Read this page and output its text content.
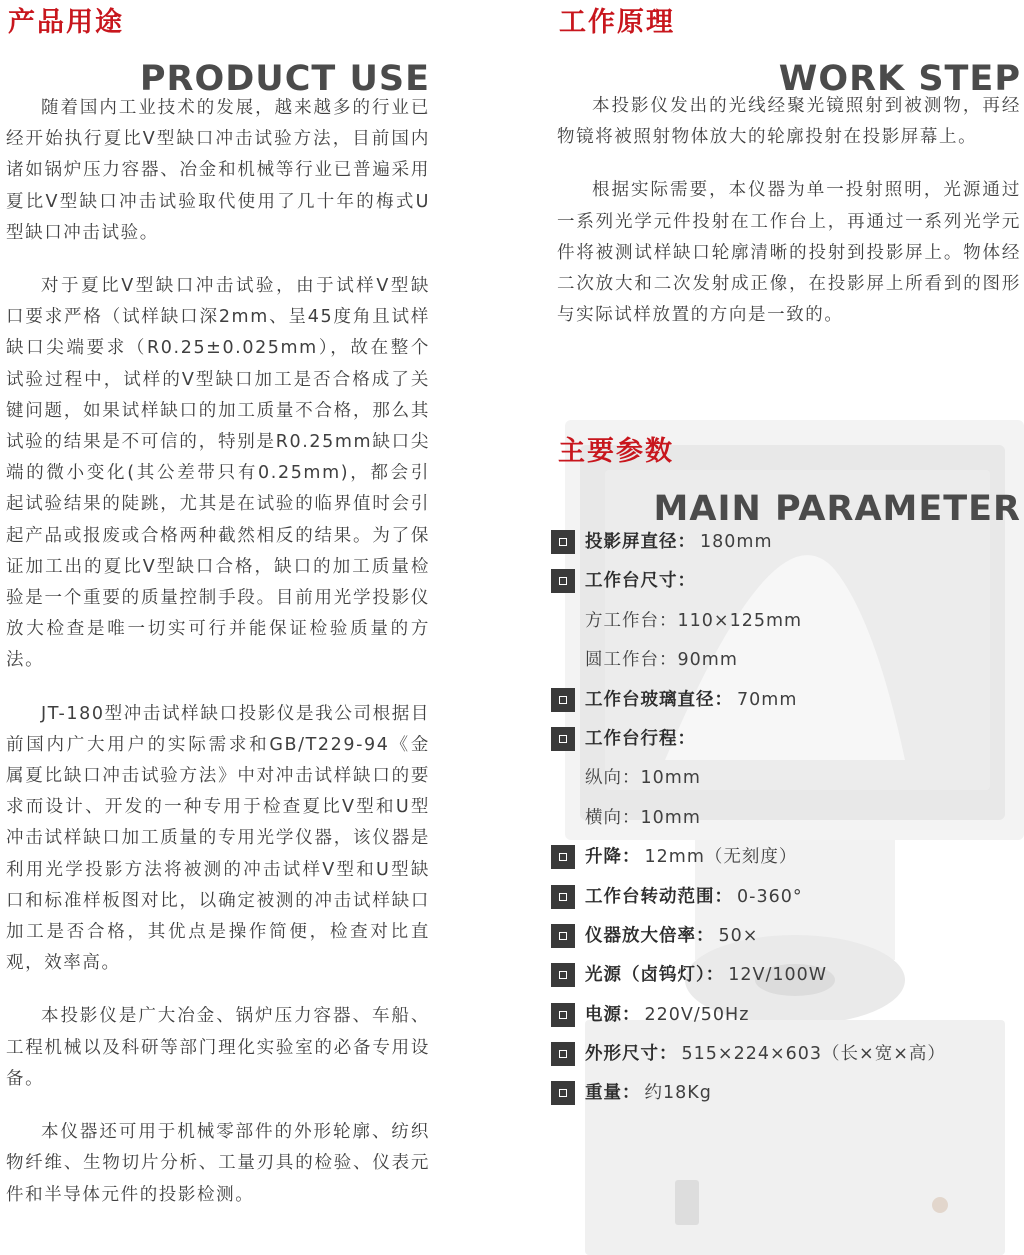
产品用途
PRODUCT USE

随着国内工业技术的发展，越来越多的行业已经开始执行夏比V型缺口冲击试验方法，目前国内诸如锅炉压力容器、冶金和机械等行业已普遍采用夏比V型缺口冲击试验取代使用了几十年的梅式U型缺口冲击试验。

对于夏比V型缺口冲击试验，由于试样V型缺口要求严格（试样缺口深2mm、呈45度角且试样缺口尖端要求（R0.25±0.025mm），故在整个试验过程中，试样的V型缺口加工是否合格成了关键问题，如果试样缺口的加工质量不合格，那么其试验的结果是不可信的，特别是R0.25mm缺口尖端的微小变化(其公差带只有0.25mm)，都会引起试验结果的陡跳，尤其是在试验的临界值时会引起产品或报废或合格两种截然相反的结果。为了保证加工出的夏比V型缺口合格，缺口的加工质量检验是一个重要的质量控制手段。目前用光学投影仪放大检查是唯一切实可行并能保证检验质量的方法。

JT-180型冲击试样缺口投影仪是我公司根据目前国内广大用户的实际需求和GB/T229-94《金属夏比缺口冲击试验方法》中对冲击试样缺口的要求而设计、开发的一种专用于检查夏比V型和U型冲击试样缺口加工质量的专用光学仪器，该仪器是利用光学投影方法将被测的冲击试样V型和U型缺口和标准样板图对比，以确定被测的冲击试样缺口加工是否合格，其优点是操作简便，检查对比直观，效率高。

本投影仪是广大冶金、锅炉压力容器、车船、工程机械以及科研等部门理化实验室的必备专用设备。

本仪器还可用于机械零部件的外形轮廓、纺织物纤维、生物切片分析、工量刃具的检验、仪表元件和半导体元件的投影检测。

工作原理
WORK STEP

本投影仪发出的光线经聚光镜照射到被测物，再经物镜将被照射物体放大的轮廓投射在投影屏幕上。

根据实际需要，本仪器为单一投射照明，光源通过一系列光学元件投射在工作台上，再通过一系列光学元件将被测试样缺口轮廓清晰的投射到投影屏上。物体经二次放大和二次发射成正像，在投影屏上所看到的图形与实际试样放置的方向是一致的。

主要参数
MAIN PARAMETER
投影屏直径： 180mm
工作台尺寸：
方工作台：110×125mm
圆工作台：90mm
工作台玻璃直径： 70mm
工作台行程：
纵向：10mm
横向：10mm
升降： 12mm（无刻度）
工作台转动范围： 0-360°
仪器放大倍率： 50×
光源（卤钨灯）： 12V/100W
电源： 220V/50Hz
外形尺寸： 515×224×603（长×宽×高）
重量： 约18Kg
